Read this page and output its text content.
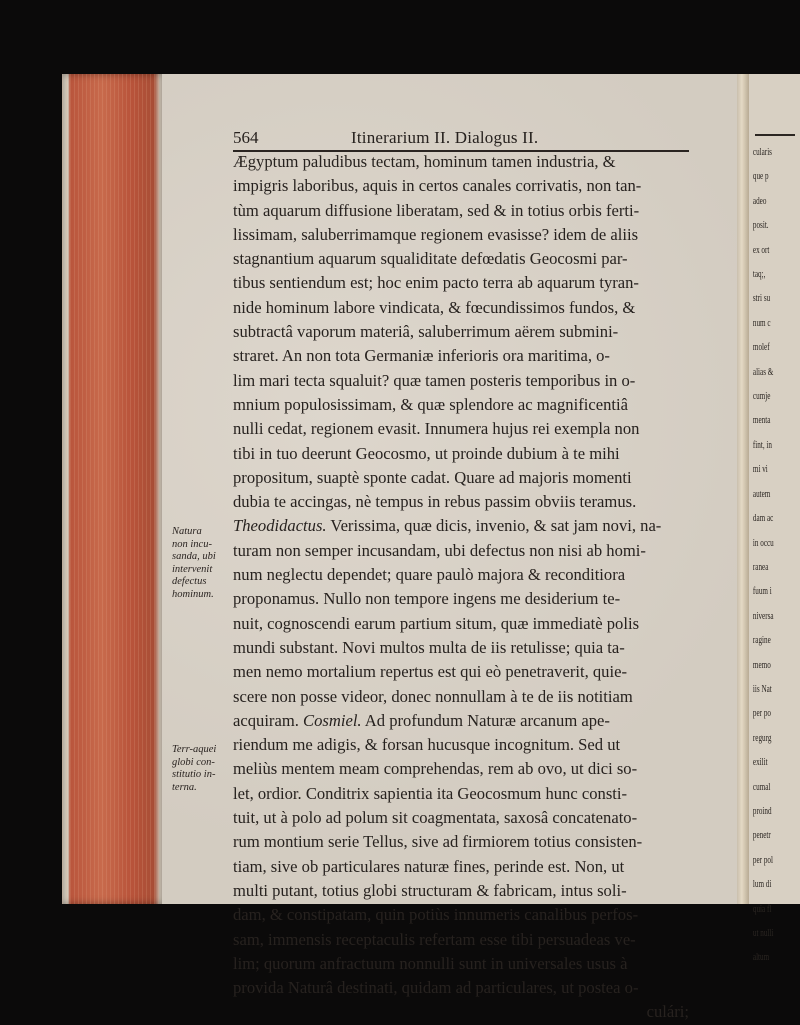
cularis
que p
adeo
posit.
ex ort
taq;,
stri su
num c
molef
alias &
cumje
menta
fint, in
mi vi
autem
dam ac
in occu
ranea
fuum i
niversa
ragine
memo
iis Nat
per po
regurg
exilit
cumal
proind
penetr
per pol
lum di
quia fl
ut nulli
altum
564	Itinerarium II. Dialogus II.
Ægyptum paludibus tectam, hominum tamen industria, &
impigris laboribus, aquis in certos canales corrivatis, non tan-
tùm aquarum diffusione liberatam, sed & in totius orbis ferti-
lissimam, saluberrimamque regionem evasisse? idem de aliis
stagnantium aquarum squaliditate defœdatis Geocosmi par-
tibus sentiendum est; hoc enim pacto terra ab aquarum tyran-
nide hominum labore vindicata, & fœcundissimos fundos, &
subtractâ vaporum materiâ, saluberrimum aërem submini-
straret. An non tota Germaniæ inferioris ora maritima, o-
lim mari tecta squaluit? quæ tamen posteris temporibus in o-
mnium populosissimam, & quæ splendore ac magnificentiâ
nulli cedat, regionem evasit. Innumera hujus rei exempla non
tibi in tuo deerunt Geocosmo, ut proinde dubium à te mihi
propositum, suaptè sponte cadat. Quare ad majoris momenti
dubia te accingas, nè tempus in rebus passim obviis teramus.
Theodidactus. Verissima, quæ dicis, invenio, & sat jam novi, na-
turam non semper incusandam, ubi defectus non nisi ab homi-
num neglectu dependet; quare paulò majora & reconditiora
proponamus. Nullo non tempore ingens me desiderium te-
nuit, cognoscendi earum partium situm, quæ immediatè polis
mundi substant. Novi multos multa de iis retulisse; quia ta-
men nemo mortalium repertus est qui eò penetraverit, quie-
scere non posse videor, donec nonnullam à te de iis notitiam
acquiram. Cosmiel. Ad profundum Naturæ arcanum ape-
riendum me adigis, & forsan hucusque incognitum. Sed ut
meliùs mentem meam comprehendas, rem ab ovo, ut dici so-
let, ordior. Conditrix sapientia ita Geocosmum hunc consti-
tuit, ut à polo ad polum sit coagmentata, saxosâ concatenato-
rum montium serie Tellus, sive ad firmiorem totius consisten-
tiam, sive ob particulares naturæ fines, perinde est. Non, ut
multi putant, totius globi structuram & fabricam, intus soli-
dam, & constipatam, quin potiùs innumeris canalibus perfos-
sam, immensis receptaculis refertam esse tibi persuadeas ve-
lim; quorum anfractuum nonnulli sunt in universales usus à
provida Naturâ destinati, quidam ad particulares, ut postea o-
culári;
Natura
non incu-
sanda, ubi
intervenit
defectus
hominum.
Terr-aquei
globi con-
stitutio in-
terna.
